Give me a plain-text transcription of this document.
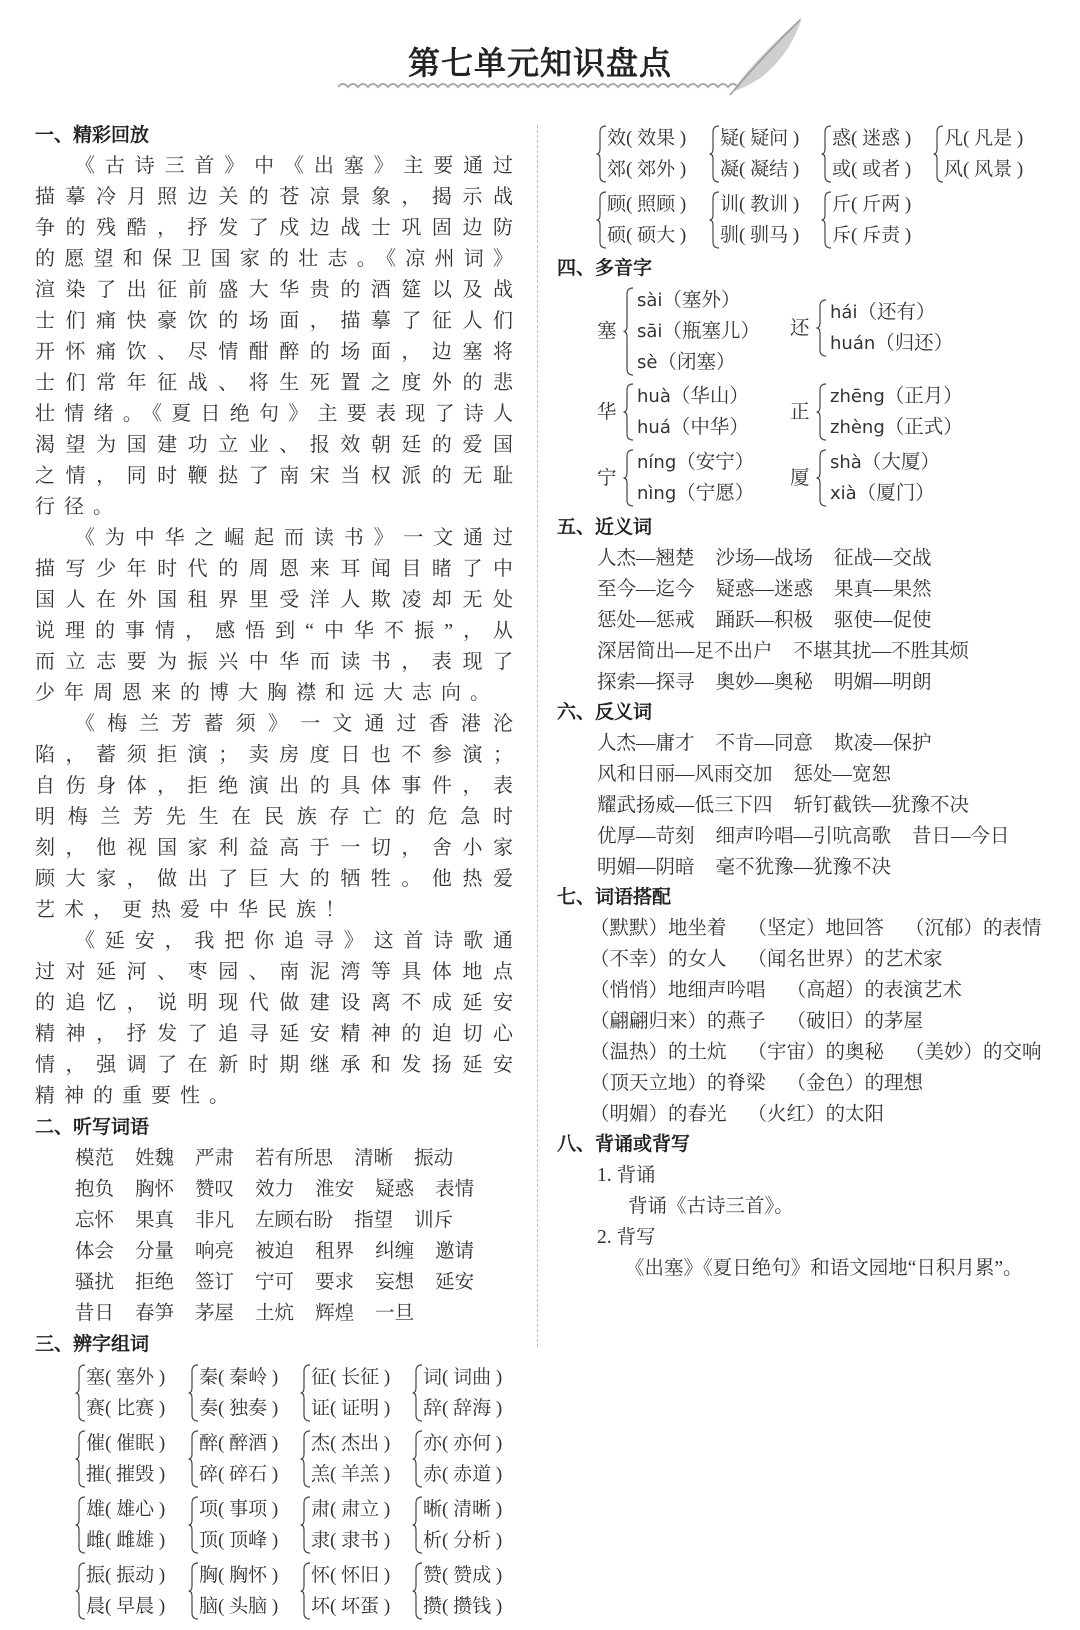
第七单元知识盘点
一、精彩回放

《古诗三首》中《出塞》主要通过描摹冷月照边关的苍凉景象，揭示战争的残酷，抒发了戍边战士巩固边防的愿望和保卫国家的壮志。《凉州词》渲染了出征前盛大华贵的酒筵以及战士们痛快豪饮的场面，描摹了征人们开怀痛饮、尽情酣醉的场面，边塞将士们常年征战、将生死置之度外的悲壮情绪。《夏日绝句》主要表现了诗人渴望为国建功立业、报效朝廷的爱国之情，同时鞭挞了南宋当权派的无耻行径。

《为中华之崛起而读书》一文通过描写少年时代的周恩来耳闻目睹了中国人在外国租界里受洋人欺凌却无处说理的事情，感悟到“中华不振”，从而立志要为振兴中华而读书，表现了少年周恩来的博大胸襟和远大志向。

《梅兰芳蓄须》一文通过香港沦陷，蓄须拒演；卖房度日也不参演；自伤身体，拒绝演出的具体事件，表明梅兰芳先生在民族存亡的危急时刻，他视国家利益高于一切，舍小家顾大家，做出了巨大的牺牲。他热爱艺术，更热爱中华民族！

《延安，我把你追寻》这首诗歌通过对延河、枣园、南泥湾等具体地点的追忆，说明现代做建设离不成延安精神，抒发了追寻延安精神的迫切心情，强调了在新时期继承和发扬延安精神的重要性。

二、听写词语
模范 姓魏 严肃 若有所思 清晰 振动
抱负 胸怀 赞叹 效力 淮安 疑惑 表情
忘怀 果真 非凡 左顾右盼 指望 训斥
体会 分量 响亮 被迫 租界 纠缠 邀请
骚扰 拒绝 签订 宁可 要求 妄想 延安
昔日 春笋 茅屋 土炕 辉煌 一旦
三、辨字组词
塞( 塞外 )
赛( 比赛 )
秦( 秦岭 )
奏( 独奏 )
征( 长征 )
证( 证明 )
词( 词曲 )
辞( 辞海 )
催( 催眠 )
摧( 摧毁 )
醉( 醉酒 )
碎( 碎石 )
杰( 杰出 )
羔( 羊羔 )
亦( 亦何 )
赤( 赤道 )
雄( 雄心 )
雌( 雌雄 )
项( 事项 )
顶( 顶峰 )
肃( 肃立 )
隶( 隶书 )
晰( 清晰 )
析( 分析 )
振( 振动 )
晨( 早晨 )
胸( 胸怀 )
脑( 头脑 )
怀( 怀旧 )
坏( 坏蛋 )
赞( 赞成 )
攒( 攒钱 )
效( 效果 )
郊( 郊外 )
疑( 疑问 )
凝( 凝结 )
惑( 迷惑 )
或( 或者 )
凡( 凡是 )
风( 风景 )
顾( 照顾 )
硕( 硕大 )
训( 教训 )
驯( 驯马 )
斤( 斤两 )
斥( 斥责 )
四、多音字
塞
sài（塞外）
sāi（瓶塞儿）
sè（闭塞）
还
hái（还有）
huán（归还）
华
huà（华山）
huá（中华）
正
zhēng（正月）
zhèng（正式）
宁
níng（安宁）
nìng（宁愿）
厦
shà（大厦）
xià（厦门）
五、近义词
人杰—翘楚 沙场—战场 征战—交战
至今—迄今 疑惑—迷惑 果真—果然
惩处—惩戒 踊跃—积极 驱使—促使
深居简出—足不出户 不堪其扰—不胜其烦
探索—探寻 奥妙—奥秘 明媚—明朗
六、反义词
人杰—庸才 不肯—同意 欺凌—保护
风和日丽—风雨交加 惩处—宽恕
耀武扬威—低三下四 斩钉截铁—犹豫不决
优厚—苛刻 细声吟唱—引吭高歌 昔日—今日
明媚—阴暗 毫不犹豫—犹豫不决
七、词语搭配
（默默）地坐着 （坚定）地回答 （沉郁）的表情
（不幸）的女人 （闻名世界）的艺术家
（悄悄）地细声吟唱 （高超）的表演艺术
（翩翩归来）的燕子 （破旧）的茅屋
（温热）的土炕 （宇宙）的奥秘 （美妙）的交响
（顶天立地）的脊梁 （金色）的理想
（明媚）的春光 （火红）的太阳
八、背诵或背写
1. 背诵
背诵《古诗三首》。
2. 背写
《出塞》《夏日绝句》和语文园地“日积月累”。
